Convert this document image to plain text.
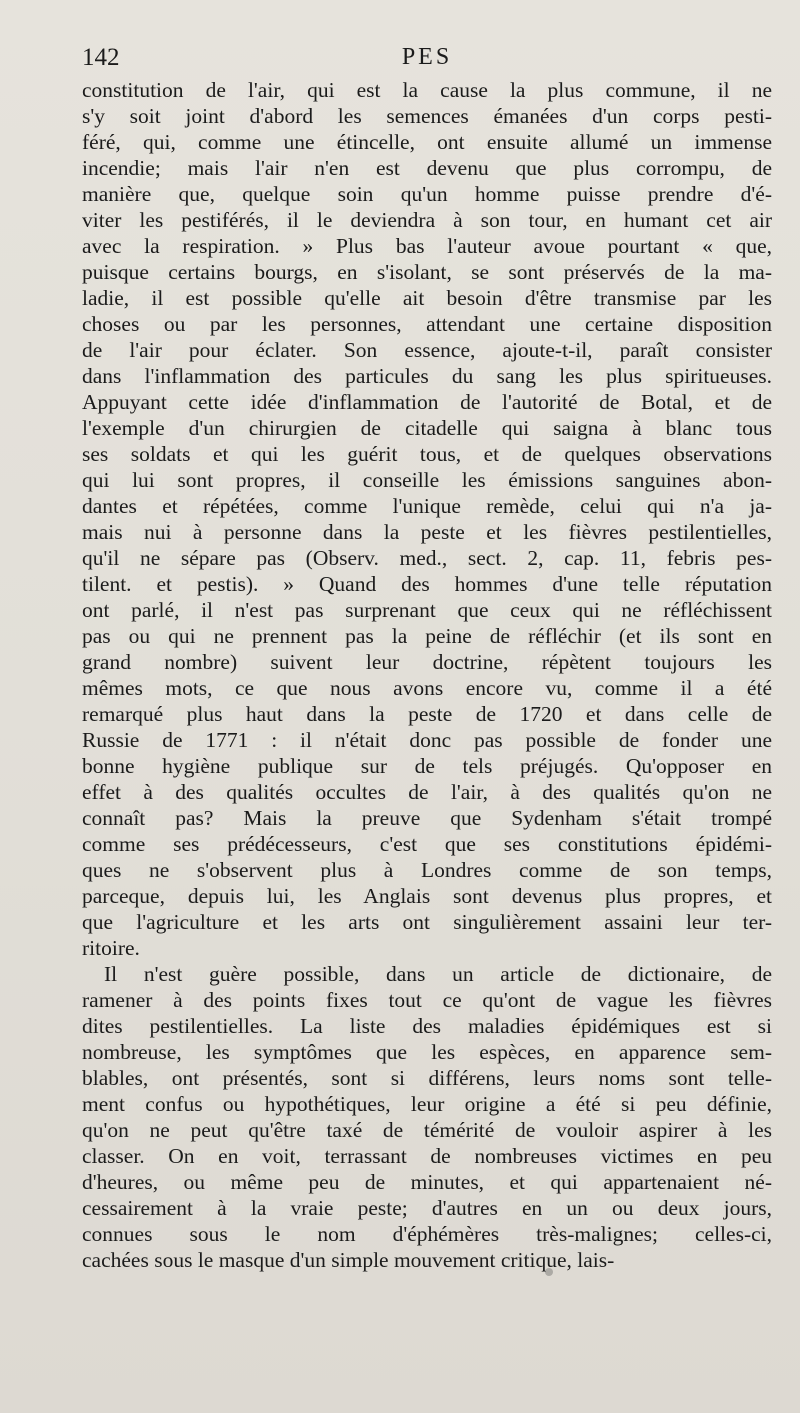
142	PES
constitution de l'air, qui est la cause la plus commune, il ne
s'y soit joint d'abord les semences émanées d'un corps pesti-
féré, qui, comme une étincelle, ont ensuite allumé un immense
incendie; mais l'air n'en est devenu que plus corrompu, de
manière que, quelque soin qu'un homme puisse prendre d'é-
viter les pestiférés, il le deviendra à son tour, en humant cet air
avec la respiration. » Plus bas l'auteur avoue pourtant « que,
puisque certains bourgs, en s'isolant, se sont préservés de la ma-
ladie, il est possible qu'elle ait besoin d'être transmise par les
choses ou par les personnes, attendant une certaine disposition
de l'air pour éclater. Son essence, ajoute-t-il, paraît consister
dans l'inflammation des particules du sang les plus spiritueuses.
Appuyant cette idée d'inflammation de l'autorité de Botal, et de
l'exemple d'un chirurgien de citadelle qui saigna à blanc tous
ses soldats et qui les guérit tous, et de quelques observations
qui lui sont propres, il conseille les émissions sanguines abon-
dantes et répétées, comme l'unique remède, celui qui n'a ja-
mais nui à personne dans la peste et les fièvres pestilentielles,
qu'il ne sépare pas (Observ. med., sect. 2, cap. 11, febris pes-
tilent. et pestis). » Quand des hommes d'une telle réputation
ont parlé, il n'est pas surprenant que ceux qui ne réfléchissent
pas ou qui ne prennent pas la peine de réfléchir (et ils sont en
grand nombre) suivent leur doctrine, répètent toujours les
mêmes mots, ce que nous avons encore vu, comme il a été
remarqué plus haut dans la peste de 1720 et dans celle de
Russie de 1771 : il n'était donc pas possible de fonder une
bonne hygiène publique sur de tels préjugés. Qu'opposer en
effet à des qualités occultes de l'air, à des qualités qu'on ne
connaît pas? Mais la preuve que Sydenham s'était trompé
comme ses prédécesseurs, c'est que ses constitutions épidémi-
ques ne s'observent plus à Londres comme de son temps,
parceque, depuis lui, les Anglais sont devenus plus propres, et
que l'agriculture et les arts ont singulièrement assaini leur ter-
ritoire.
Il n'est guère possible, dans un article de dictionaire, de
ramener à des points fixes tout ce qu'ont de vague les fièvres
dites pestilentielles. La liste des maladies épidémiques est si
nombreuse, les symptômes que les espèces, en apparence sem-
blables, ont présentés, sont si différens, leurs noms sont telle-
ment confus ou hypothétiques, leur origine a été si peu définie,
qu'on ne peut qu'être taxé de témérité de vouloir aspirer à les
classer. On en voit, terrassant de nombreuses victimes en peu
d'heures, ou même peu de minutes, et qui appartenaient né-
cessairement à la vraie peste; d'autres en un ou deux jours,
connues sous le nom d'éphémères très-malignes; celles-ci,
cachées sous le masque d'un simple mouvement critique, lais-
